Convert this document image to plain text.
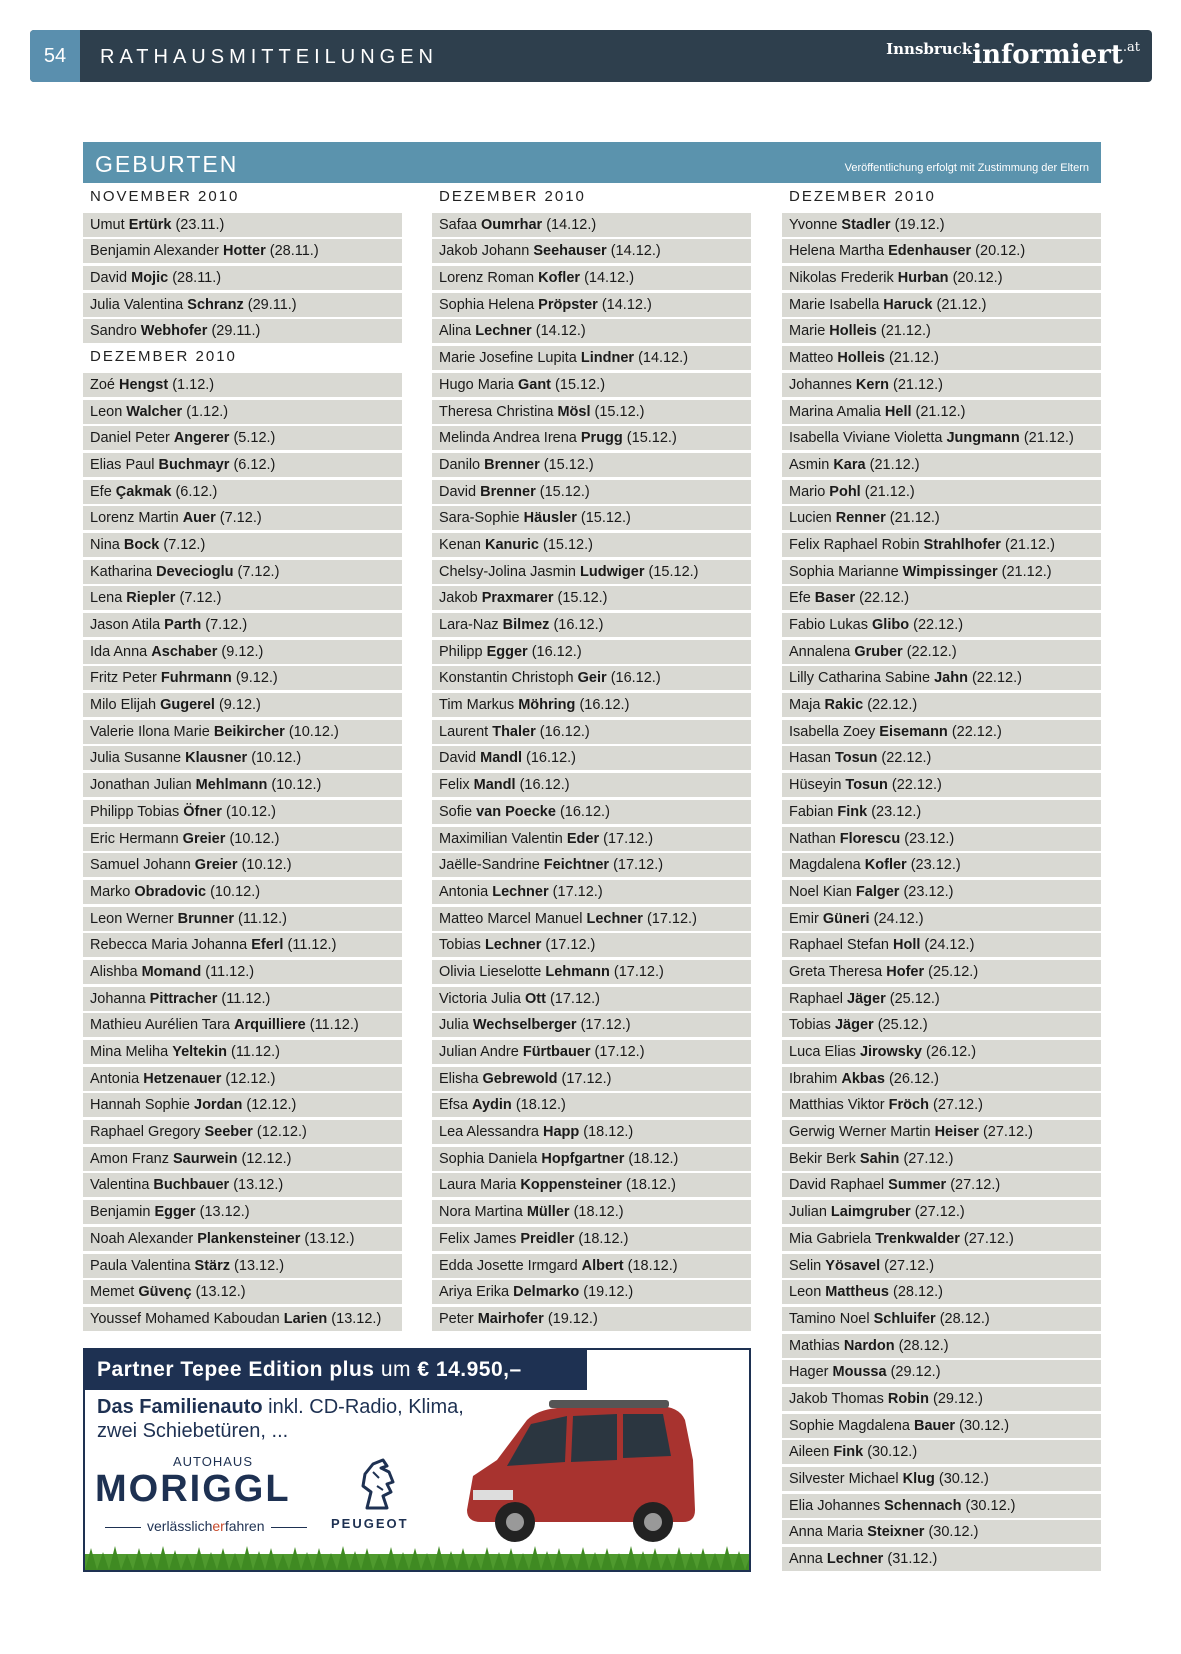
54	RATHAUSMITTEILUNGEN	Innsbruckinformiert$^{.at}$
GEBURTEN	Veröffentlichung erfolgt mit Zustimmung der Eltern
NOVEMBER 2010
Umut Ertürk (23.11.)
Benjamin Alexander Hotter (28.11.)
David Mojic (28.11.)
Julia Valentina Schranz (29.11.)
Sandro Webhofer (29.11.)
DEZEMBER 2010
Zoé Hengst (1.12.)
Leon Walcher (1.12.)
Daniel Peter Angerer (5.12.)
Elias Paul Buchmayr (6.12.)
Efe Çakmak (6.12.)
Lorenz Martin Auer (7.12.)
Nina Bock (7.12.)
Katharina Devecioglu (7.12.)
Lena Riepler (7.12.)
Jason Atila Parth (7.12.)
Ida Anna Aschaber (9.12.)
Fritz Peter Fuhrmann (9.12.)
Milo Elijah Gugerel (9.12.)
Valerie Ilona Marie Beikircher (10.12.)
Julia Susanne Klausner (10.12.)
Jonathan Julian Mehlmann (10.12.)
Philipp Tobias Öfner (10.12.)
Eric Hermann Greier (10.12.)
Samuel Johann Greier (10.12.)
Marko Obradovic (10.12.)
Leon Werner Brunner (11.12.)
Rebecca Maria Johanna Eferl (11.12.)
Alishba Momand (11.12.)
Johanna Pittracher (11.12.)
Mathieu Aurélien Tara Arquilliere (11.12.)
Mina Meliha Yeltekin (11.12.)
Antonia Hetzenauer (12.12.)
Hannah Sophie Jordan (12.12.)
Raphael Gregory Seeber (12.12.)
Amon Franz Saurwein (12.12.)
Valentina Buchbauer (13.12.)
Benjamin Egger (13.12.)
Noah Alexander Plankensteiner (13.12.)
Paula Valentina Stärz (13.12.)
Memet Güvenç (13.12.)
Youssef Mohamed Kaboudan Larien (13.12.)
DEZEMBER 2010
Safaa Oumrhar (14.12.)
Jakob Johann Seehauser (14.12.)
Lorenz Roman Kofler (14.12.)
Sophia Helena Pröpster (14.12.)
Alina Lechner (14.12.)
Marie Josefine Lupita Lindner (14.12.)
Hugo Maria Gant (15.12.)
Theresa Christina Mösl (15.12.)
Melinda Andrea Irena Prugg (15.12.)
Danilo Brenner (15.12.)
David Brenner (15.12.)
Sara-Sophie Häusler (15.12.)
Kenan Kanuric (15.12.)
Chelsy-Jolina Jasmin Ludwiger (15.12.)
Jakob Praxmarer (15.12.)
Lara-Naz Bilmez (16.12.)
Philipp Egger (16.12.)
Konstantin Christoph Geir (16.12.)
Tim Markus Möhring (16.12.)
Laurent Thaler (16.12.)
David Mandl (16.12.)
Felix Mandl (16.12.)
Sofie van Poecke (16.12.)
Maximilian Valentin Eder (17.12.)
Jaëlle-Sandrine Feichtner (17.12.)
Antonia Lechner (17.12.)
Matteo Marcel Manuel Lechner (17.12.)
Tobias Lechner (17.12.)
Olivia Lieselotte Lehmann (17.12.)
Victoria Julia Ott (17.12.)
Julia Wechselberger (17.12.)
Julian Andre Fürtbauer (17.12.)
Elisha Gebrewold (17.12.)
Efsa Aydin (18.12.)
Lea Alessandra Happ (18.12.)
Sophia Daniela Hopfgartner (18.12.)
Laura Maria Koppensteiner (18.12.)
Nora Martina Müller (18.12.)
Felix James Preidler (18.12.)
Edda Josette Irmgard Albert (18.12.)
Ariya Erika Delmarko (19.12.)
Peter Mairhofer (19.12.)
DEZEMBER 2010
Yvonne Stadler (19.12.)
Helena Martha Edenhauser (20.12.)
Nikolas Frederik Hurban (20.12.)
Marie Isabella Haruck (21.12.)
Marie Holleis (21.12.)
Matteo Holleis (21.12.)
Johannes Kern (21.12.)
Marina Amalia Hell (21.12.)
Isabella Viviane Violetta Jungmann (21.12.)
Asmin Kara (21.12.)
Mario Pohl (21.12.)
Lucien Renner (21.12.)
Felix Raphael Robin Strahlhofer (21.12.)
Sophia Marianne Wimpissinger (21.12.)
Efe Baser (22.12.)
Fabio Lukas Glibo (22.12.)
Annalena Gruber (22.12.)
Lilly Catharina Sabine Jahn (22.12.)
Maja Rakic (22.12.)
Isabella Zoey Eisemann (22.12.)
Hasan Tosun (22.12.)
Hüseyin Tosun (22.12.)
Fabian Fink (23.12.)
Nathan Florescu (23.12.)
Magdalena Kofler (23.12.)
Noel Kian Falger (23.12.)
Emir Güneri (24.12.)
Raphael Stefan Holl (24.12.)
Greta Theresa Hofer (25.12.)
Raphael Jäger (25.12.)
Tobias Jäger (25.12.)
Luca Elias Jirowsky (26.12.)
Ibrahim Akbas (26.12.)
Matthias Viktor Fröch (27.12.)
Gerwig Werner Martin Heiser (27.12.)
Bekir Berk Sahin (27.12.)
David Raphael Summer (27.12.)
Julian Laimgruber (27.12.)
Mia Gabriela Trenkwalder (27.12.)
Selin Yösavel (27.12.)
Leon Mattheus (28.12.)
Tamino Noel Schluifer (28.12.)
Mathias Nardon (28.12.)
Hager Moussa (29.12.)
Jakob Thomas Robin (29.12.)
Sophie Magdalena Bauer (30.12.)
Aileen Fink (30.12.)
Silvester Michael Klug (30.12.)
Elia Johannes Schennach (30.12.)
Anna Maria Steixner (30.12.)
Anna Lechner (31.12.)
Partner Tepee Edition plus um € 14.950,–
Das Familienauto inkl. CD-Radio, Klima,
zwei Schiebetüren, ...
AUTOHAUS
MORIGGL
verlässlicherfahren	PEUGEOT
